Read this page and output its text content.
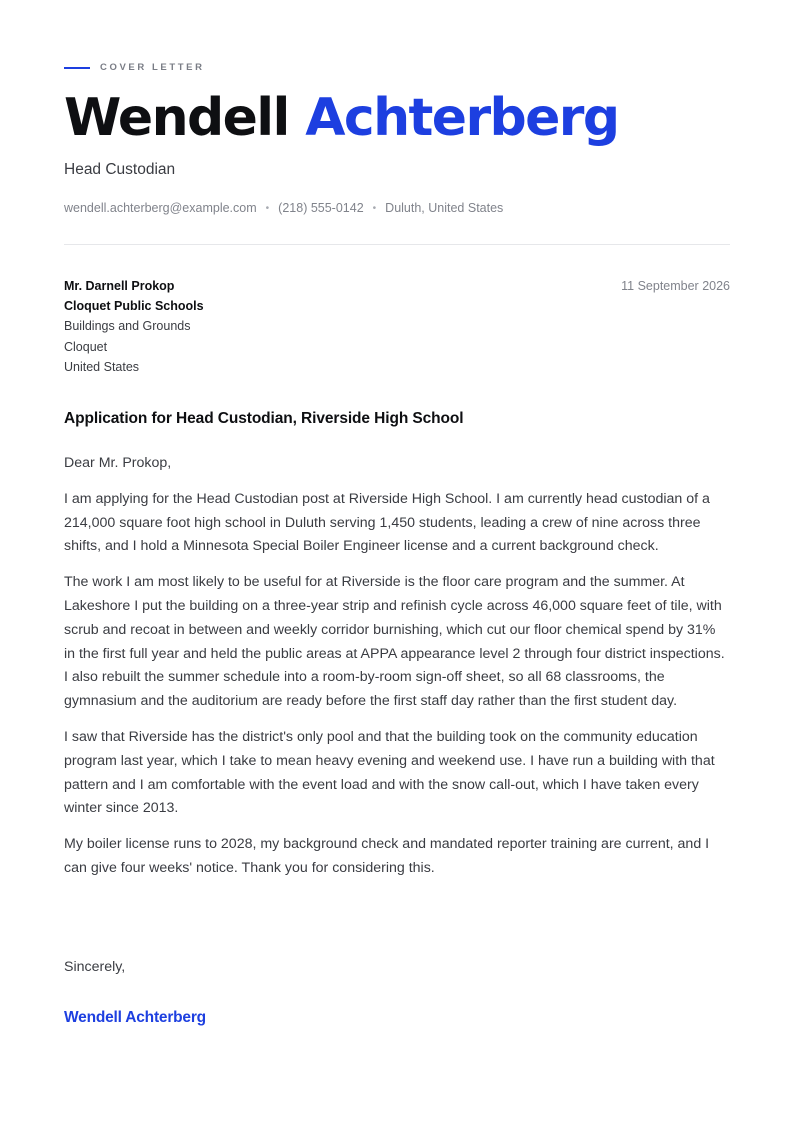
COVER LETTER
Wendell Achterberg
Head Custodian
wendell.achterberg@example.com • (218) 555-0142 • Duluth, United States
Mr. Darnell Prokop
Cloquet Public Schools
Buildings and Grounds
Cloquet
United States
11 September 2026
Application for Head Custodian, Riverside High School

Dear Mr. Prokop,

I am applying for the Head Custodian post at Riverside High School. I am currently head custodian of a 214,000 square foot high school in Duluth serving 1,450 students, leading a crew of nine across three shifts, and I hold a Minnesota Special Boiler Engineer license and a current background check.

The work I am most likely to be useful for at Riverside is the floor care program and the summer. At Lakeshore I put the building on a three-year strip and refinish cycle across 46,000 square feet of tile, with scrub and recoat in between and weekly corridor burnishing, which cut our floor chemical spend by 31% in the first full year and held the public areas at APPA appearance level 2 through four district inspections. I also rebuilt the summer schedule into a room-by-room sign-off sheet, so all 68 classrooms, the gymnasium and the auditorium are ready before the first staff day rather than the first student day.

I saw that Riverside has the district's only pool and that the building took on the community education program last year, which I take to mean heavy evening and weekend use. I have run a building with that pattern and I am comfortable with the event load and with the snow call-out, which I have taken every winter since 2013.

My boiler license runs to 2028, my background check and mandated reporter training are current, and I can give four weeks' notice. Thank you for considering this.

Sincerely,
Wendell Achterberg
